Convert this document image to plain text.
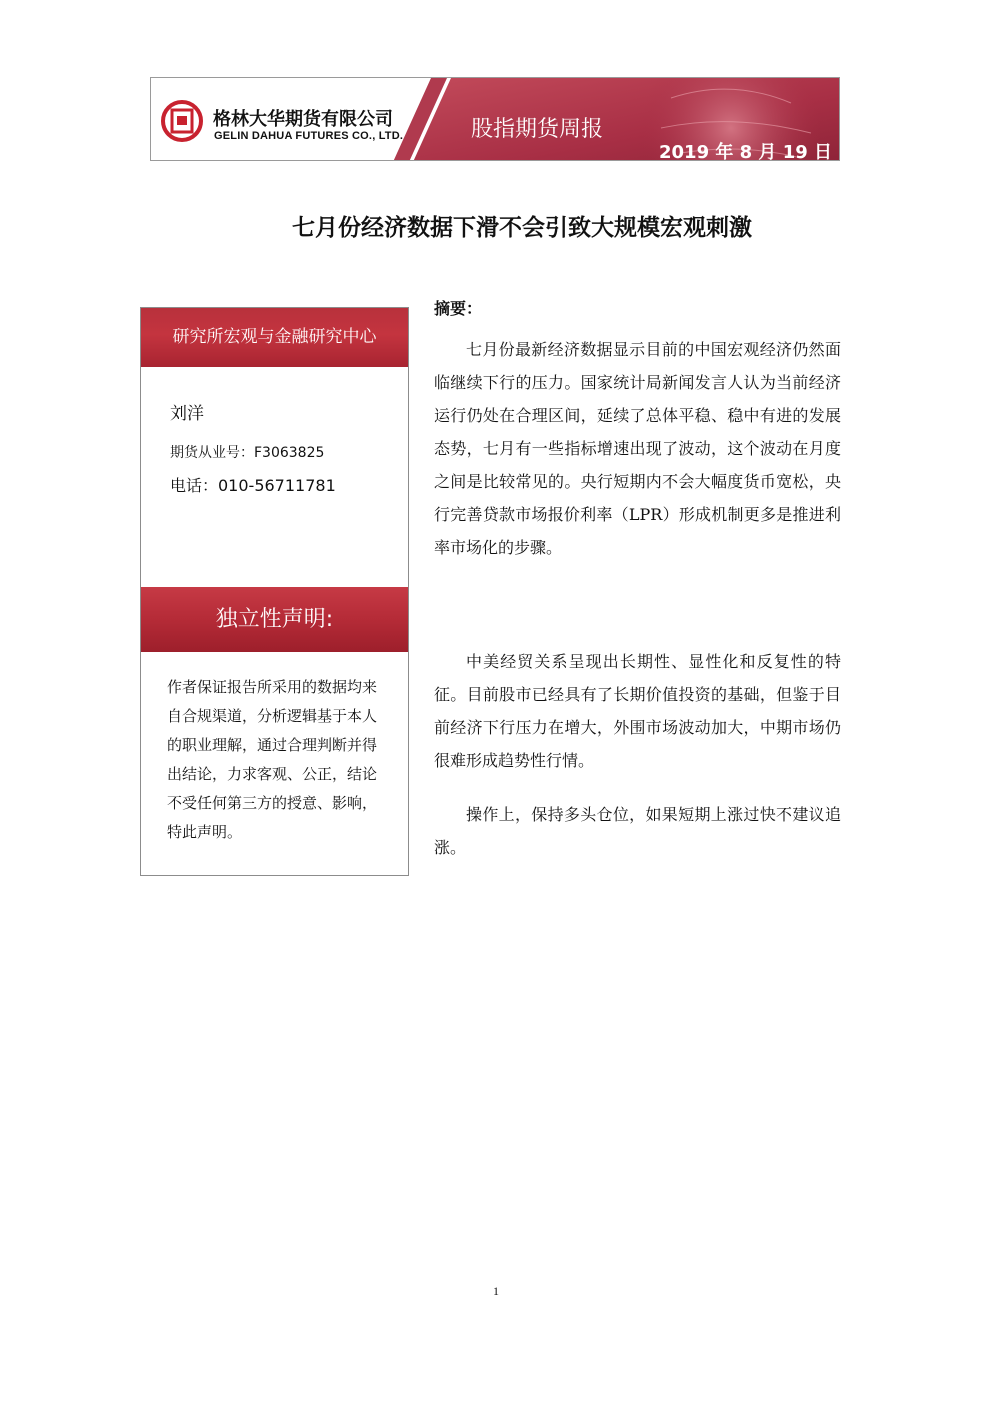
格林大华期货有限公司
GELIN DAHUA FUTURES CO., LTD.	股指期货周报
2019 年 8 月 19 日
七月份经济数据下滑不会引致大规模宏观刺激
研究所宏观与金融研究中心
刘洋
期货从业号：F3063825
电话：010-56711781
独立性声明:
作者保证报告所采用的数据均来自合规渠道，分析逻辑基于本人的职业理解，通过合理判断并得出结论，力求客观、公正，结论不受任何第三方的授意、影响，特此声明。
摘要：

七月份最新经济数据显示目前的中国宏观经济仍然面临继续下行的压力。国家统计局新闻发言人认为当前经济运行仍处在合理区间，延续了总体平稳、稳中有进的发展态势，七月有一些指标增速出现了波动，这个波动在月度之间是比较常见的。央行短期内不会大幅度货币宽松，央行完善贷款市场报价利率（LPR）形成机制更多是推进利率市场化的步骤。

中美经贸关系呈现出长期性、显性化和反复性的特征。目前股市已经具有了长期价值投资的基础，但鉴于目前经济下行压力在增大，外围市场波动加大，中期市场仍很难形成趋势性行情。

操作上，保持多头仓位，如果短期上涨过快不建议追涨。

1
